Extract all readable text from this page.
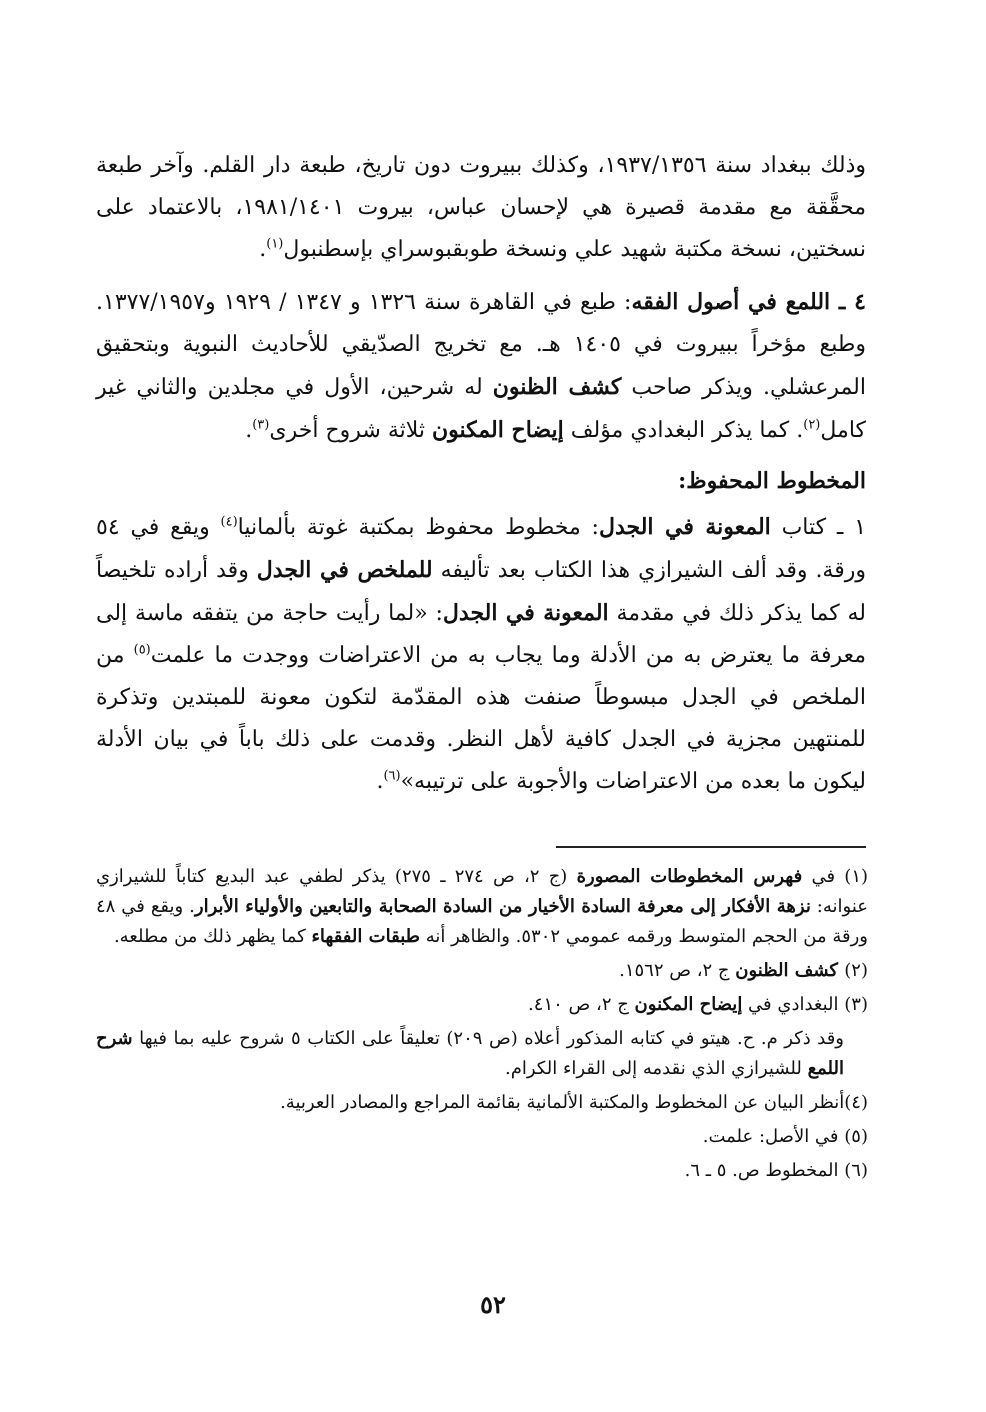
وذلك ببغداد سنة ١٩٣٧/١٣٥٦، وكذلك ببيروت دون تاريخ، طبعة دار القلم. وآخر طبعة محقَّقة مع مقدمة قصيرة هي لإحسان عباس، بيروت ١٩٨١/١٤٠١، بالاعتماد على نسختين، نسخة مكتبة شهيد علي ونسخة طوبقبوسراي بإسطنبول$^{(١)}$.

٤ ـ اللمع في أصول الفقه: طبع في القاهرة سنة ١٣٢٦ و ١٣٤٧ / ١٩٢٩ و١٣٧٧/١٩٥٧. وطبع مؤخراً ببيروت في ١٤٠٥ هـ. مع تخريج الصدّيقي للأحاديث النبوية وبتحقيق المرعشلي. ويذكر صاحب كشف الظنون له شرحين، الأول في مجلدين والثاني غير كامل$^{(٢)}$. كما يذكر البغدادي مؤلف إيضاح المكنون ثلاثة شروح أخرى$^{(٣)}$.

المخطوط المحفوظ:

١ ـ كتاب المعونة في الجدل: مخطوط محفوظ بمكتبة غوتة بألمانيا$^{(٤)}$ ويقع في ٥٤ ورقة. وقد ألف الشيرازي هذا الكتاب بعد تأليفه للملخص في الجدل وقد أراده تلخيصاً له كما يذكر ذلك في مقدمة المعونة في الجدل: «لما رأيت حاجة من يتفقه ماسة إلى معرفة ما يعترض به من الأدلة وما يجاب به من الاعتراضات ووجدت ما علمت$^{(٥)}$ من الملخص في الجدل مبسوطاً صنفت هذه المقدّمة لتكون معونة للمبتدين وتذكرة للمنتهين مجزية في الجدل كافية لأهل النظر. وقدمت على ذلك باباً في بيان الأدلة ليكون ما بعده من الاعتراضات والأجوبة على ترتيبه»$^{(٦)}$.

(١) في فهرس المخطوطات المصورة (ج ٢، ص ٢٧٤ ـ ٢٧٥) يذكر لطفي عبد البديع كتاباً للشيرازي عنوانه: نزهة الأفكار إلى معرفة السادة الأخيار من السادة الصحابة والتابعين والأولياء الأبرار. ويقع في ٤٨ ورقة من الحجم المتوسط ورقمه عمومي ٥٣٠٢. والظاهر أنه طبقات الفقهاء كما يظهر ذلك من مطلعه.

(٢) كشف الظنون ج ٢، ص ١٥٦٢.

(٣) البغدادي في إيضاح المكنون ج ٢، ص ٤١٠.

وقد ذكر م. ح. هيتو في كتابه المذكور أعلاه (ص ٢٠٩) تعليقاً على الكتاب ٥ شروح عليه بما فيها شرح اللمع للشيرازي الذي نقدمه إلى القراء الكرام.

(٤)أنظر البيان عن المخطوط والمكتبة الألمانية بقائمة المراجع والمصادر العربية.

(٥) في الأصل: علمت.

(٦) المخطوط ص. ٥ ـ ٦.

٥٢
